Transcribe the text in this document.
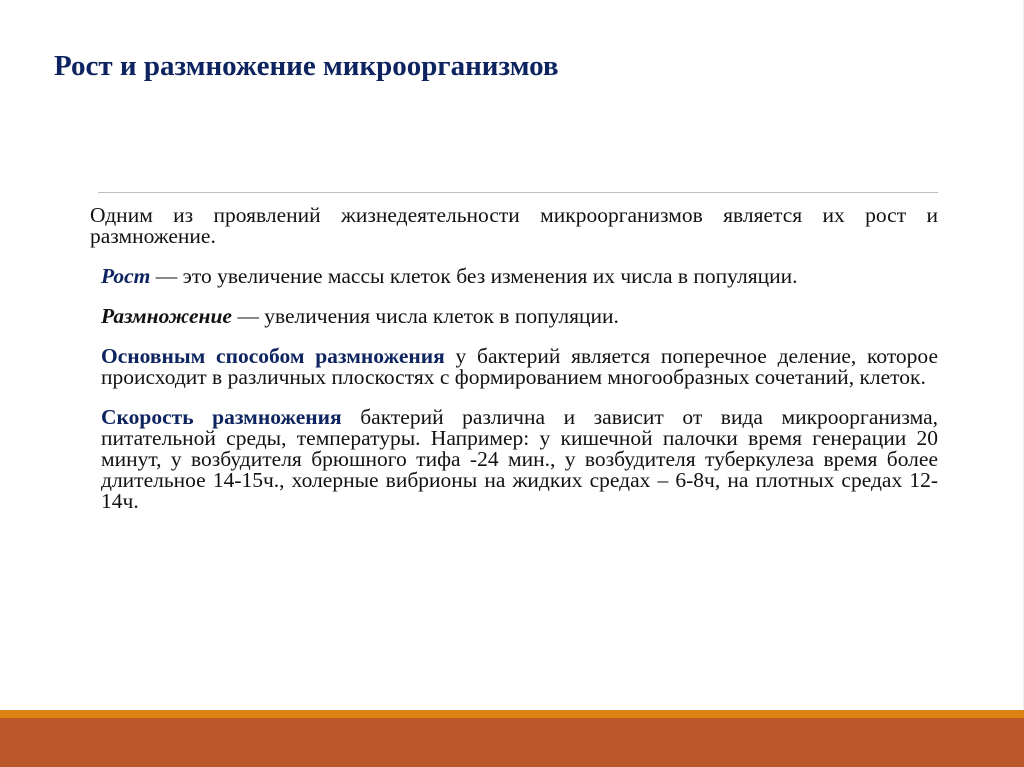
Рост и размножение микроорганизмов

Одним из проявлений жизнедеятельности микроорганизмов является их рост и размножение.

Рост — это увеличение массы клеток без изменения их числа в популяции.

Размножение — увеличения числа клеток в популяции.

Основным способом размножения у бактерий является поперечное деление, которое происходит в различных плоскостях с формированием многообразных сочетаний, клеток.

Скорость размножения бактерий различна и зависит от вида микроорганизма, питательной среды, температуры. Например: у кишечной палочки время генерации 20 минут, у возбудителя брюшного тифа -24 мин., у возбудителя туберкулеза время более длительное 14-15ч., холерные вибрионы на жидких средах – 6-8ч, на плотных средах 12-14ч.
